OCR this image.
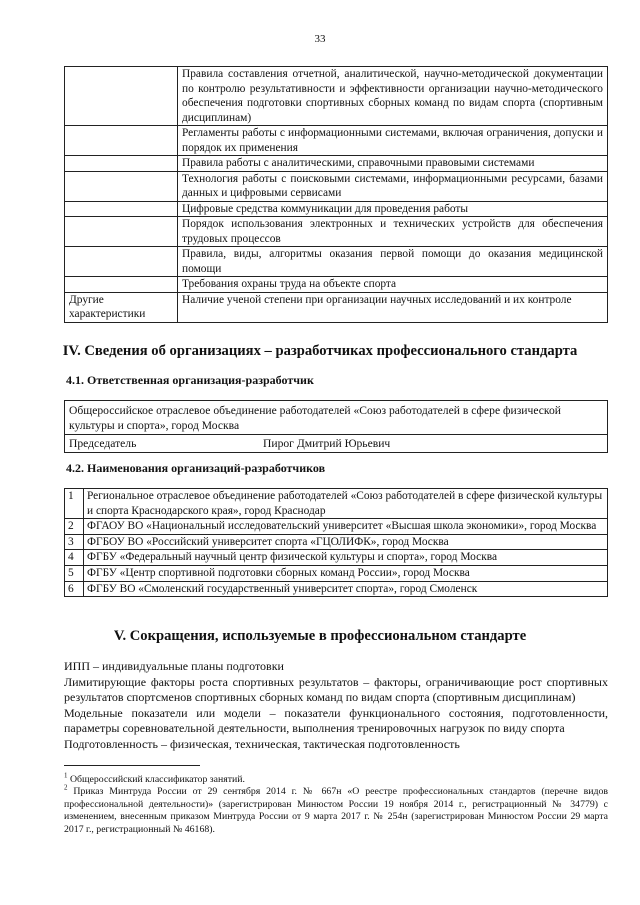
33
	Правила составления отчетной, аналитической, научно-методической документации по контролю результативности и эффективности организации научно-методического обеспечения подготовки спортивных сборных команд по видам спорта (спортивным дисциплинам)
	Регламенты работы с информационными системами, включая ограничения, допуски и порядок их применения
	Правила работы с аналитическими, справочными правовыми системами
	Технология работы с поисковыми системами, информационными ресурсами, базами данных и цифровыми сервисами
	Цифровые средства коммуникации для проведения работы
	Порядок использования электронных и технических устройств для обеспечения трудовых процессов
	Правила, виды, алгоритмы оказания первой помощи до оказания медицинской помощи
	Требования охраны труда на объекте спорта
Другие характеристики	Наличие ученой степени при организации научных исследований и их контроле
IV. Сведения об организациях – разработчиках профессионального стандарта
4.1. Ответственная организация-разработчик
Общероссийское отраслевое объединение работодателей «Союз работодателей в сфере физической культуры и спорта», город Москва
Председатель	Пирог Дмитрий Юрьевич
4.2. Наименования организаций-разработчиков
1	Региональное отраслевое объединение работодателей «Союз работодателей в сфере физической культуры и спорта Краснодарского края», город Краснодар
2	ФГАОУ ВО «Национальный исследовательский университет «Высшая школа экономики», город Москва
3	ФГБОУ ВО «Российский университет спорта «ГЦОЛИФК», город Москва
4	ФГБУ «Федеральный научный центр физической культуры и спорта», город Москва
5	ФГБУ «Центр спортивной подготовки сборных команд России», город Москва
6	ФГБУ ВО «Смоленский государственный университет спорта», город Смоленск
V. Сокращения, используемые в профессиональном стандарте

ИПП – индивидуальные планы подготовки

Лимитирующие факторы роста спортивных результатов – факторы, ограничивающие рост спортивных результатов спортсменов спортивных сборных команд по видам спорта (спортивным дисциплинам)

Модельные показатели или модели – показатели функционального состояния, подготовленности, параметры соревновательной деятельности, выполнения тренировочных нагрузок по виду спорта

Подготовленность – физическая, техническая, тактическая подготовленность

$^1$ Общероссийский классификатор занятий.

$^2$ Приказ Минтруда России от 29 сентября 2014 г. № 667н «О реестре профессиональных стандартов (перечне видов профессиональной деятельности)» (зарегистрирован Минюстом России 19 ноября 2014 г., регистрационный № 34779) с изменением, внесенным приказом Минтруда России от 9 марта 2017 г. № 254н (зарегистрирован Минюстом России 29 марта 2017 г., регистрационный № 46168).
